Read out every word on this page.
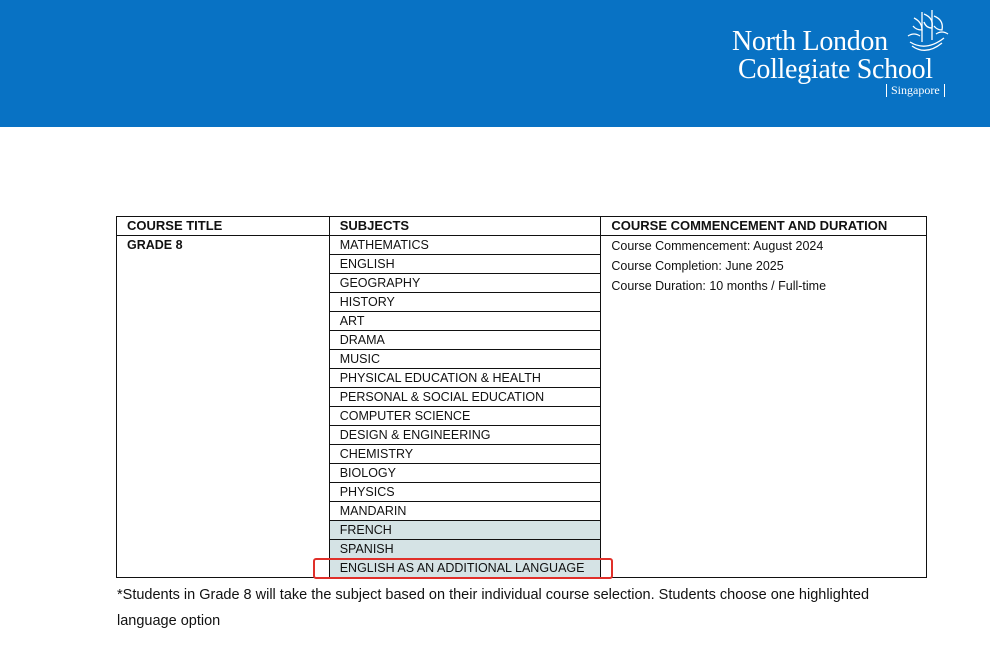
North London
Collegiate School
Singapore
COURSE TITLE	SUBJECTS	COURSE COMMENCEMENT AND DURATION
GRADE 8	MATHEMATICS	Course Commencement: August 2024
Course Completion: June 2025
Course Duration: 10 months / Full-time

	ENGLISH	
	GEOGRAPHY	
	HISTORY	
	ART	
	DRAMA	
	MUSIC	
	PHYSICAL EDUCATION & HEALTH	
	PERSONAL & SOCIAL EDUCATION	
	COMPUTER SCIENCE	
	DESIGN & ENGINEERING	
	CHEMISTRY	
	BIOLOGY	
	PHYSICS	
	MANDARIN	
	FRENCH	
	SPANISH	
	ENGLISH AS AN ADDITIONAL LANGUAGE	
*Students in Grade 8 will take the subject based on their individual course selection. Students choose one highlighted language option
